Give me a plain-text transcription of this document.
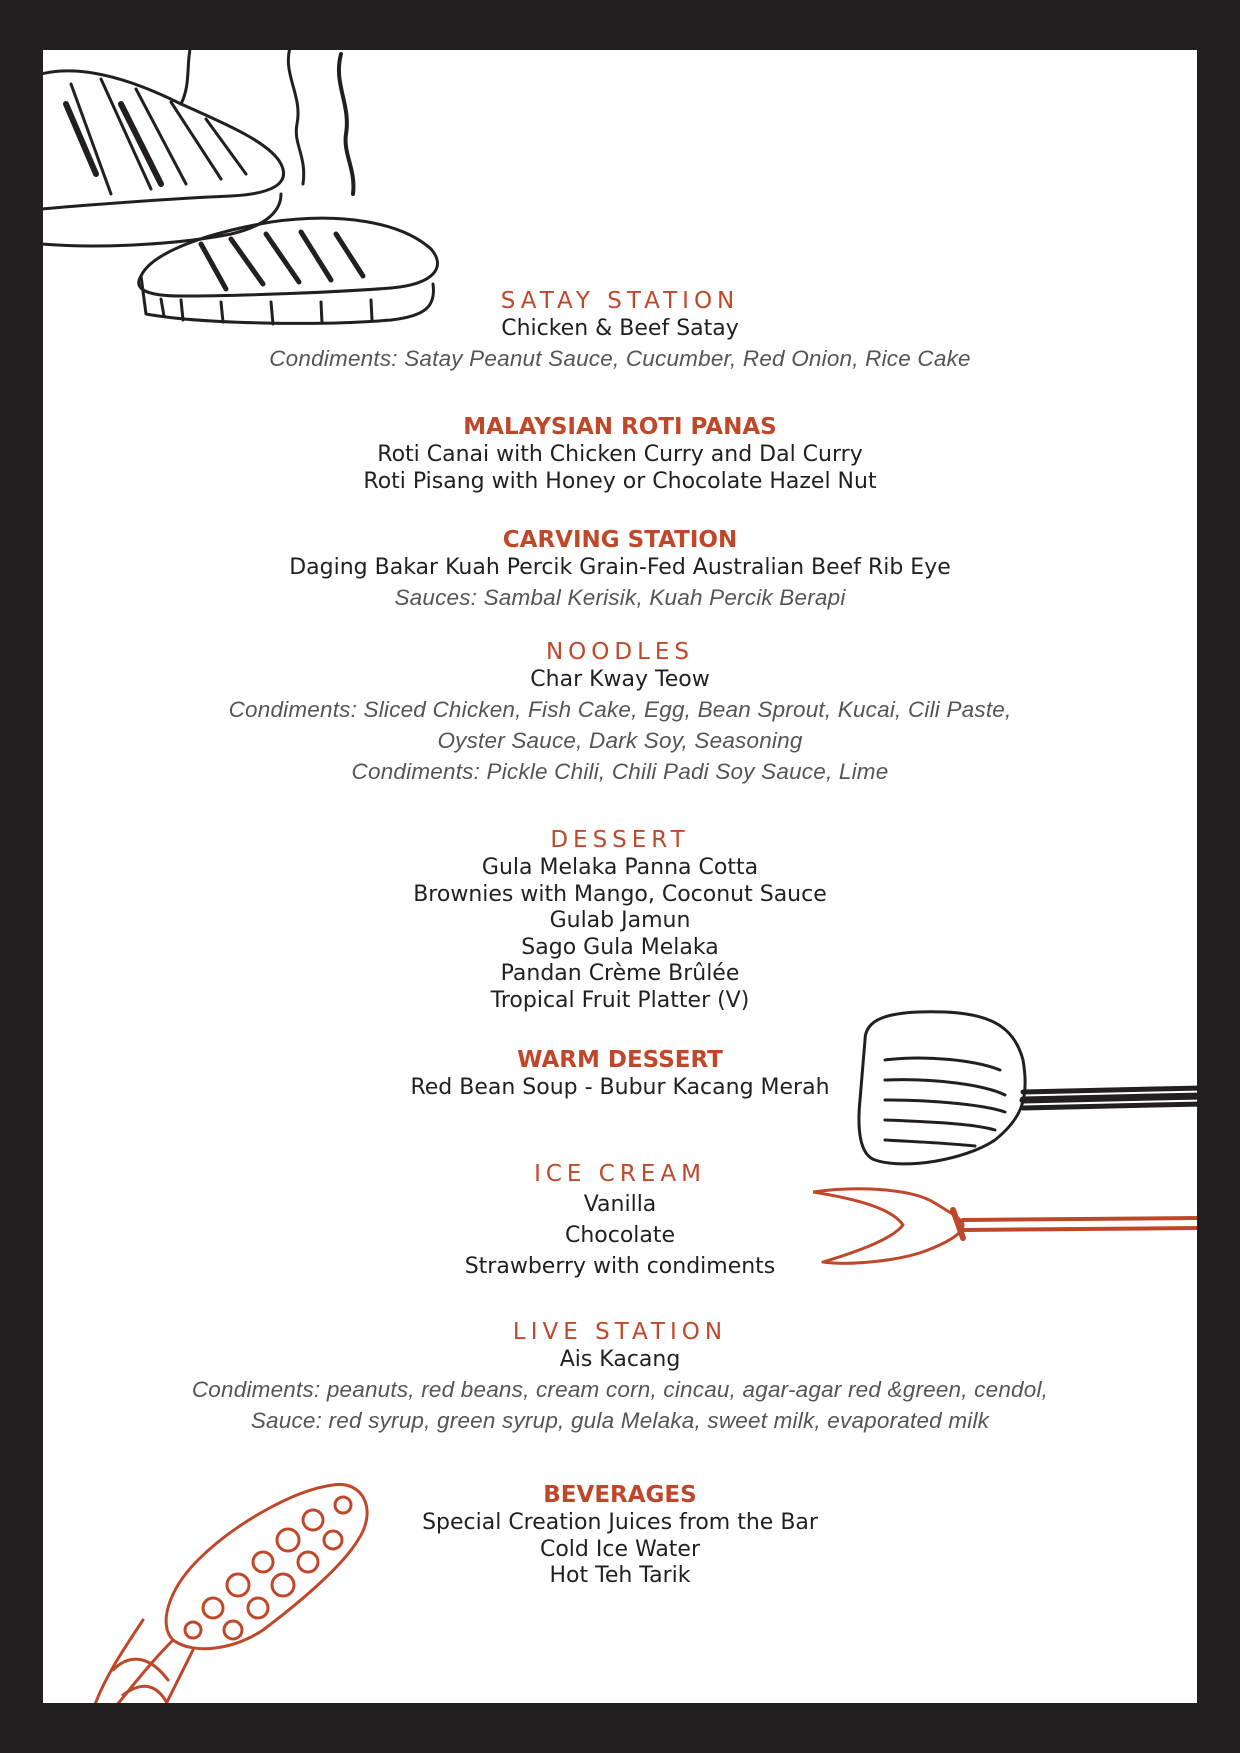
SATAY STATION

Chicken & Beef Satay

Condiments: Satay Peanut Sauce, Cucumber, Red Onion, Rice Cake

MALAYSIAN ROTI PANAS

Roti Canai with Chicken Curry and Dal Curry

Roti Pisang with Honey or Chocolate Hazel Nut

CARVING STATION

Daging Bakar Kuah Percik Grain-Fed Australian Beef Rib Eye

Sauces: Sambal Kerisik, Kuah Percik Berapi

NOODLES

Char Kway Teow

Condiments: Sliced Chicken, Fish Cake, Egg, Bean Sprout, Kucai, Cili Paste,

Oyster Sauce, Dark Soy, Seasoning

Condiments: Pickle Chili, Chili Padi Soy Sauce, Lime

DESSERT

Gula Melaka Panna Cotta

Brownies with Mango, Coconut Sauce

Gulab Jamun

Sago Gula Melaka

Pandan Crème Brûlée

Tropical Fruit Platter (V)

WARM DESSERT

Red Bean Soup - Bubur Kacang Merah

ICE CREAM

Vanilla

Chocolate

Strawberry with condiments

LIVE STATION

Ais Kacang

Condiments: peanuts, red beans, cream corn, cincau, agar-agar red &green, cendol,

Sauce: red syrup, green syrup, gula Melaka, sweet milk, evaporated milk

BEVERAGES

Special Creation Juices from the Bar

Cold Ice Water

Hot Teh Tarik
